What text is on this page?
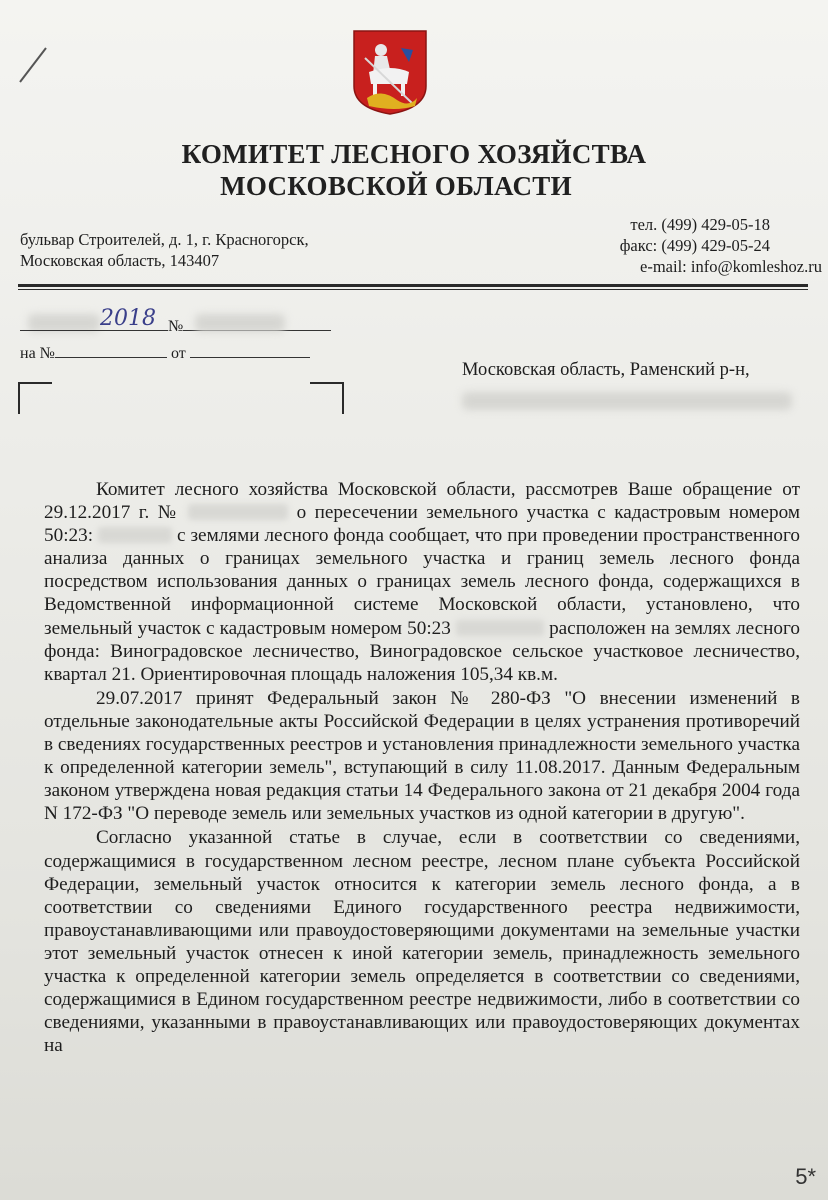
КОМИТЕТ ЛЕСНОГО ХОЗЯЙСТВА
МОСКОВСКОЙ ОБЛАСТИ
бульвар Строителей, д. 1, г. Красногорск,
Московская область, 143407
тел. (499) 429-05-18
факс: (499) 429-05-24
e-mail: info@komleshoz.ru
2018 №
на №	от
Московская область, Раменский р-н,

Комитет лесного хозяйства Московской области, рассмотрев Ваше обращение от 29.12.2017 г. №	о пересечении земельного участка с кадастровым номером 50:23:	с землями лесного фонда сообщает, что при проведении пространственного анализа данных о границах земельного участка и границ земель лесного фонда посредством использования данных о границах земель лесного фонда, содержащихся в Ведомственной информационной системе Московской области, установлено, что земельный участок с кадастровым номером 50:23	расположен на землях лесного фонда: Виноградовское лесничество, Виноградовское сельское участковое лесничество, квартал 21. Ориентировочная площадь наложения 105,34 кв.м.

29.07.2017 принят Федеральный закон № 280-ФЗ "О внесении изменений в отдельные законодательные акты Российской Федерации в целях устранения противоречий в сведениях государственных реестров и установления принадлежности земельного участка к определенной категории земель", вступающий в силу 11.08.2017. Данным Федеральным законом утверждена новая редакция статьи 14 Федерального закона от 21 декабря 2004 года N 172-ФЗ "О переводе земель или земельных участков из одной категории в другую".

Согласно указанной статье в случае, если в соответствии со сведениями, содержащимися в государственном лесном реестре, лесном плане субъекта Российской Федерации, земельный участок относится к категории земель лесного фонда, а в соответствии со сведениями Единого государственного реестра недвижимости, правоустанавливающими или правоудостоверяющими документами на земельные участки этот земельный участок отнесен к иной категории земель, принадлежность земельного участка к определенной категории земель определяется в соответствии со сведениями, содержащимися в Едином государственном реестре недвижимости, либо в соответствии со сведениями, указанными в правоустанавливающих или правоудостоверяющих документах на

5*
